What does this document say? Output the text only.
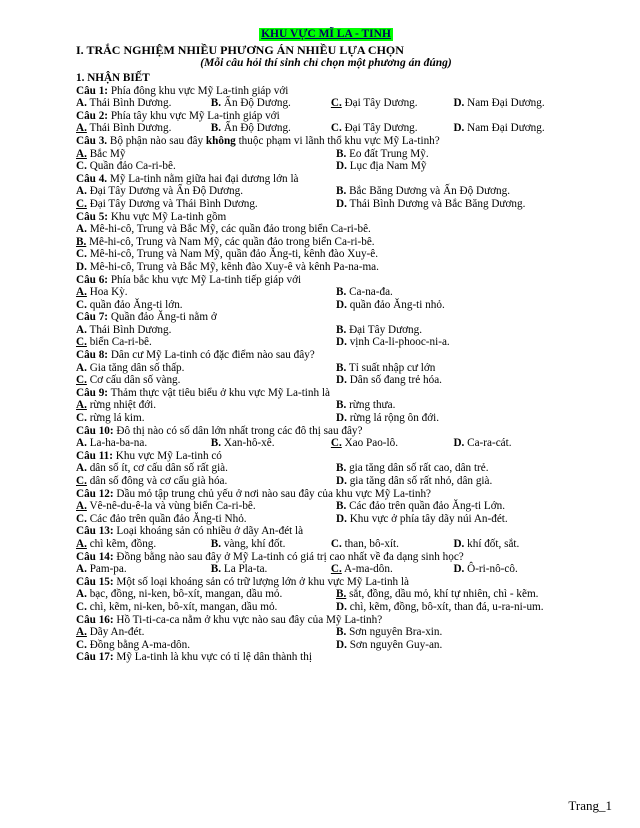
KHU VỰC MĨ LA - TINH
I. TRẮC NGHIỆM NHIỀU PHƯƠNG ÁN NHIỀU LỰA CHỌN
(Mỗi câu hỏi thí sinh chỉ chọn một phương án đúng)
1. NHẬN BIẾT
Câu 1: Phía đông khu vực Mỹ La-tinh giáp với
A. Thái Bình Dương.	B. Ấn Độ Dương.	C. Đại Tây Dương.	D. Nam Đại Dương.
Câu 2: Phía tây khu vực Mỹ La-tinh giáp với
A. Thái Bình Dương.	B. Ấn Độ Dương.	C. Đại Tây Dương.	D. Nam Đại Dương.
Câu 3. Bộ phận nào sau đây không thuộc phạm vi lãnh thổ khu vực Mỹ La-tinh?
A. Bắc Mỹ	B. Eo đất Trung Mỹ.
C. Quần đảo Ca-ri-bê.	D. Lục địa Nam Mỹ
Câu 4. Mỹ La-tinh nằm giữa hai đại dương lớn là
A. Đại Tây Dương và Ấn Độ Dương.	B. Bắc Băng Dương và Ấn Độ Dương.
C. Đại Tây Dương và Thái Bình Dương.	D. Thái Bình Dương và Bắc Băng Dương.
Câu 5: Khu vực Mỹ La-tinh gồm
A. Mê-hi-cô, Trung và Bắc Mỹ, các quần đảo trong biển Ca-ri-bê.
B. Mê-hi-cô, Trung và Nam Mỹ, các quần đảo trong biển Ca-ri-bê.
C. Mê-hi-cô, Trung và Nam Mỹ, quần đảo Ăng-ti, kênh đào Xuy-ê.
D. Mê-hi-cô, Trung và Bắc Mỹ, kênh đào Xuy-ê và kênh Pa-na-ma.
Câu 6: Phía bắc khu vực Mỹ La-tinh tiếp giáp với
A. Hoa Kỳ.	B. Ca-na-đa.
C. quần đảo Ăng-ti lớn.	D. quần đảo Ăng-ti nhỏ.
Câu 7: Quần đảo Ăng-ti nằm ở
A. Thái Bình Dương.	B. Đại Tây Dương.
C. biển Ca-ri-bê.	D. vịnh Ca-li-phooc-ni-a.
Câu 8: Dân cư Mỹ La-tinh có đặc điểm nào sau đây?
A. Gia tăng dân số thấp.	B. Tỉ suất nhập cư lớn
C. Cơ cấu dân số vàng.	D. Dân số đang trẻ hóa.
Câu 9: Thảm thực vật tiêu biểu ở khu vực Mỹ La-tinh là
A. rừng nhiệt đới.	B. rừng thưa.
C. rừng lá kim.	D. rừng lá rộng ôn đới.
Câu 10: Đô thị nào có số dân lớn nhất trong các đô thị sau đây?
A. La-ha-ba-na.	B. Xan-hô-xê.	C. Xao Pao-lô.	D. Ca-ra-cát.
Câu 11: Khu vực Mỹ La-tinh có
A. dân số ít, cơ cấu dân số rất già.	B. gia tăng dân số rất cao, dân trẻ.
C. dân số đông và cơ cấu già hóa.	D. gia tăng dân số rất nhỏ, dân già.
Câu 12: Dầu mỏ tập trung chủ yếu ở nơi nào sau đây của khu vực Mỹ La-tinh?
A. Vê-nê-du-ê-la và vùng biển Ca-ri-bê.	B. Các đảo trên quần đảo Ăng-ti Lớn.
C. Các đảo trên quần đảo Ăng-ti Nhỏ.	D. Khu vực ở phía tây dãy núi An-đét.
Câu 13: Loại khoáng sản có nhiều ở dãy An-đét là
A. chì kẽm, đồng.	B. vàng, khí đốt.	C. than, bô-xít.	D. khí đốt, sắt.
Câu 14: Đồng bằng nào sau đây ở Mỹ La-tinh có giá trị cao nhất về đa dạng sinh học?
A. Pam-pa.	B. La Pla-ta.	C. A-ma-dôn.	D. Ô-ri-nô-cô.
Câu 15: Một số loại khoáng sản có trữ lượng lớn ở khu vực Mỹ La-tinh là
A. bạc, đồng, ni-ken, bô-xít, mangan, dầu mỏ.	B. sắt, đồng, dầu mỏ, khí tự nhiên, chì - kẽm.
C. chì, kẽm, ni-ken, bô-xít, mangan, dầu mỏ.	D. chì, kẽm, đồng, bô-xít, than đá, u-ra-ni-um.
Câu 16: Hồ Ti-ti-ca-ca nằm ở khu vực nào sau đây của Mỹ La-tinh?
A. Dãy An-đét.	B. Sơn nguyên Bra-xin.
C. Đồng bằng A-ma-dôn.	D. Sơn nguyên Guy-an.
Câu 17: Mỹ La-tinh là khu vực có tỉ lệ dân thành thị
Trang_1
